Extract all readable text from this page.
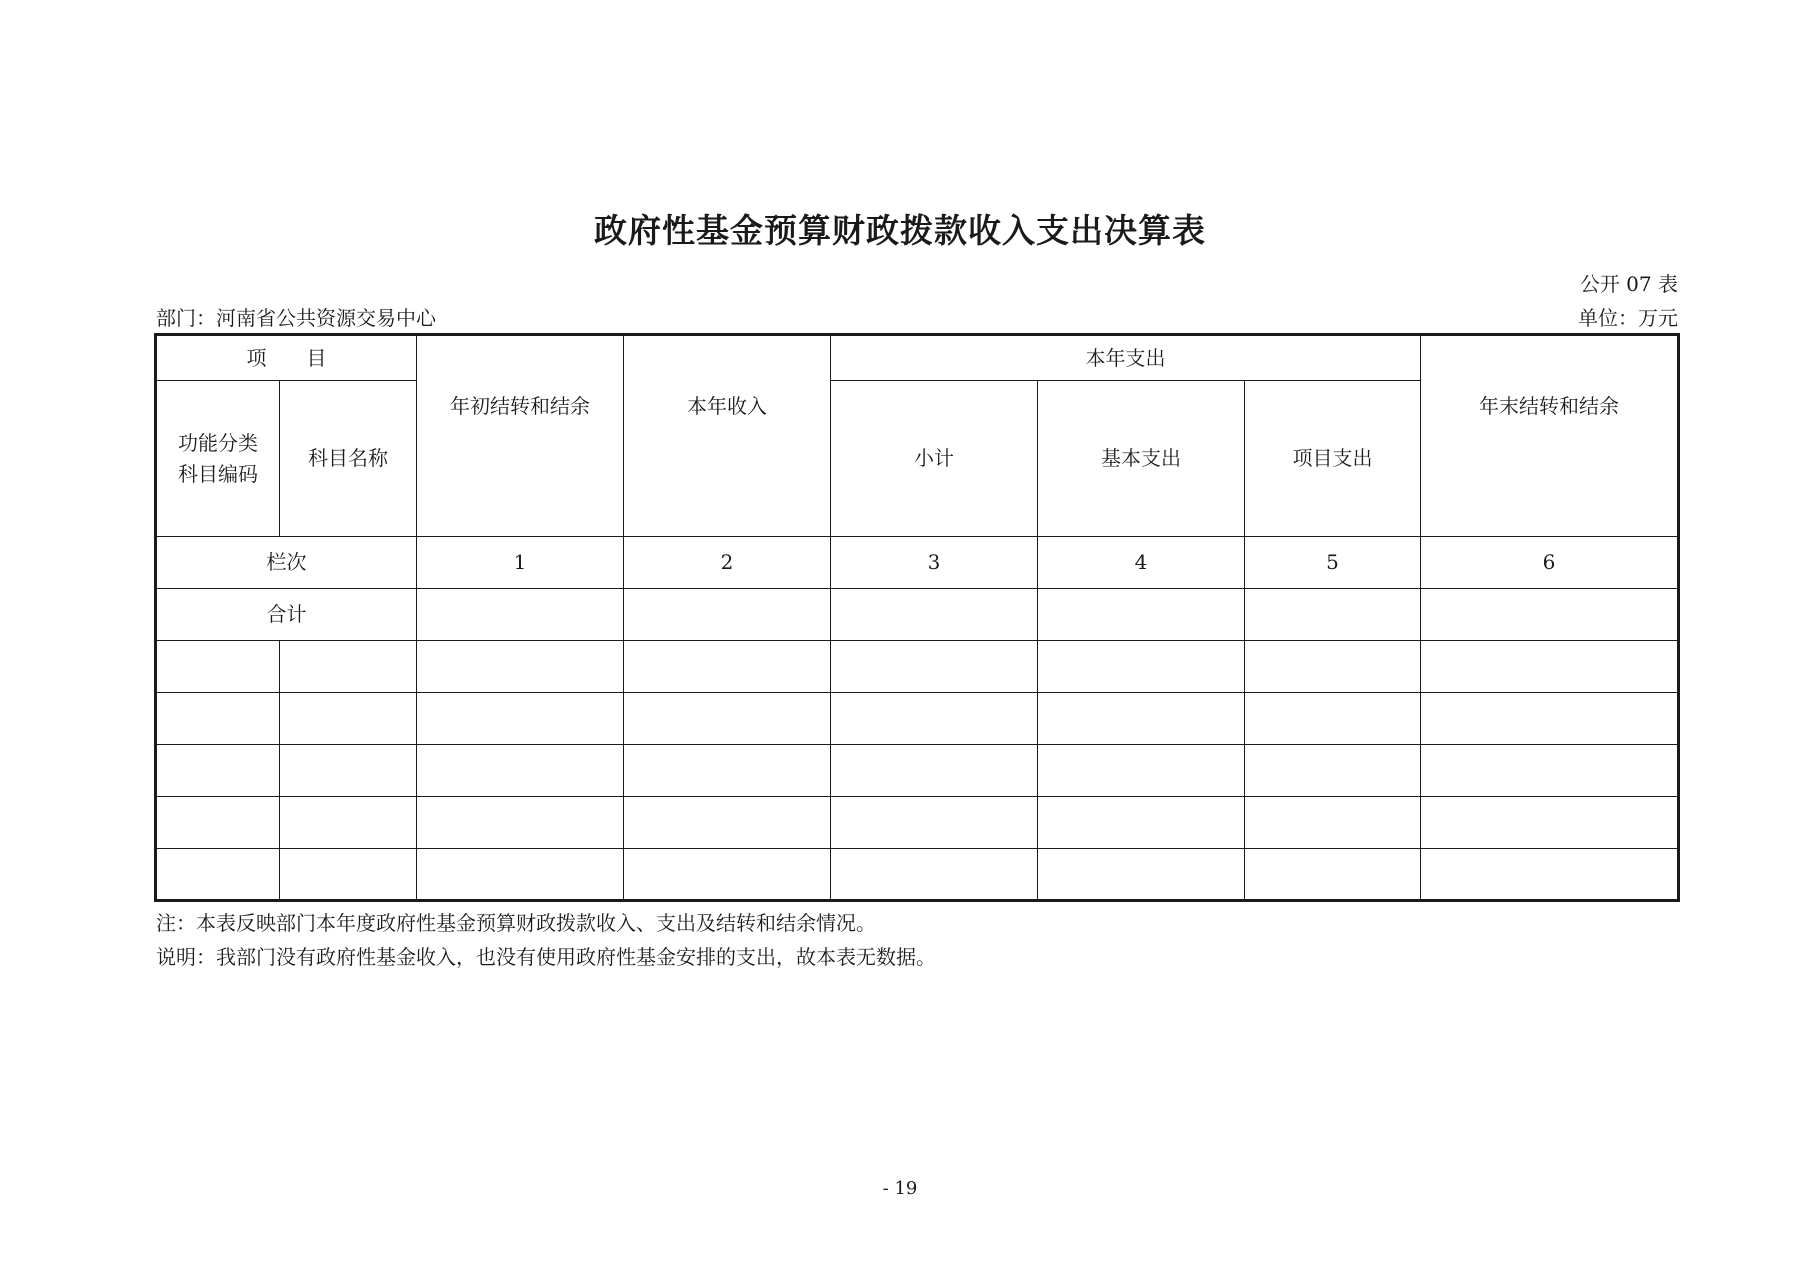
政府性基金预算财政拨款收入支出决算表
公开 07 表
部门：河南省公共资源交易中心	单位：万元
项　　目		年初结转和结余	本年收入	本年支出			年末结转和结余
功能分类
科目编码	科目名称			小计	基本支出	项目支出	
栏次		1	2	3	4	5	6
合计							

注：本表反映部门本年度政府性基金预算财政拨款收入、支出及结转和结余情况。
说明：我部门没有政府性基金收入，也没有使用政府性基金安排的支出，故本表无数据。
- 19
